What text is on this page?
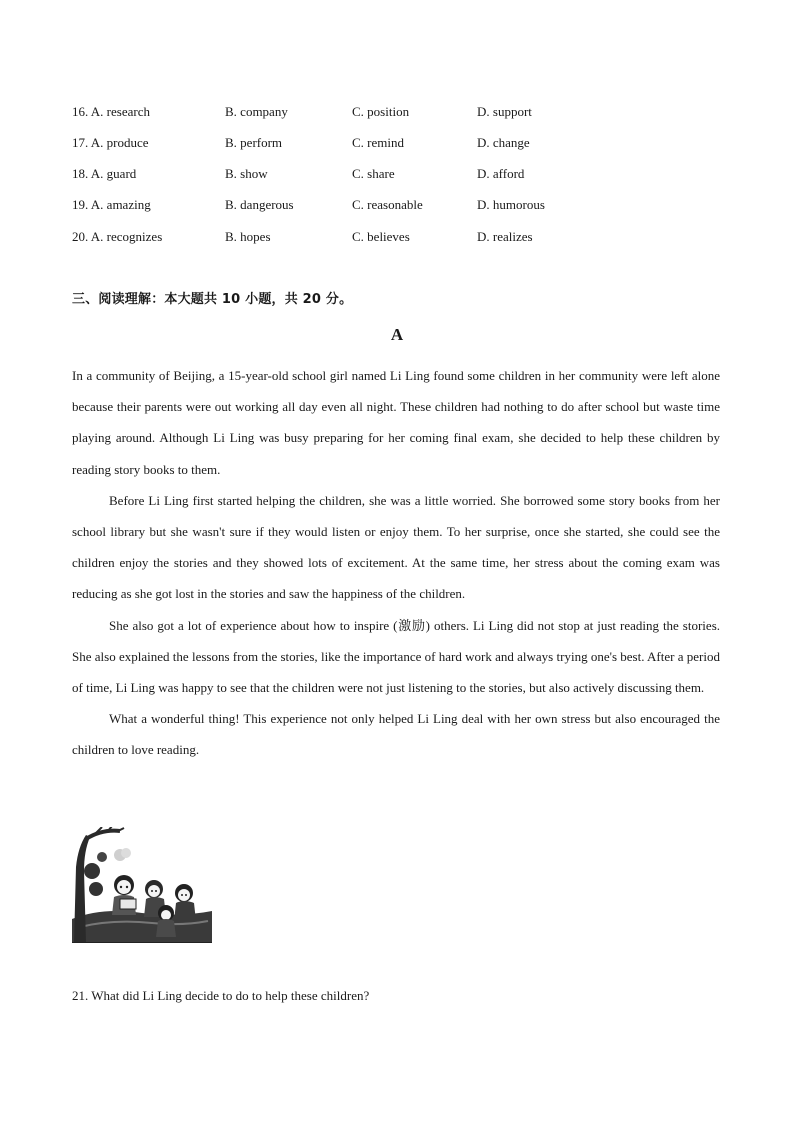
16. A. research	B. company	C. position	D. support
17. A. produce	B. perform	C. remind	D. change
18. A. guard	B. show	C. share	D. afford
19. A. amazing	B. dangerous	C. reasonable	D. humorous
20. A. recognizes	B. hopes	C. believes	D. realizes
三、阅读理解：本大题共 10 小题，共 20 分。
A

In a community of Beijing, a 15-year-old school girl named Li Ling found some children in her community were left alone because their parents were out working all day even all night. These children had nothing to do after school but waste time playing around. Although Li Ling was busy preparing for her coming final exam, she decided to help these children by reading story books to them.

Before Li Ling first started helping the children, she was a little worried. She borrowed some story books from her school library but she wasn't sure if they would listen or enjoy them. To her surprise, once she started, she could see the children enjoy the stories and they showed lots of excitement. At the same time, her stress about the coming exam was reducing as she got lost in the stories and saw the happiness of the children.

She also got a lot of experience about how to inspire (激励) others. Li Ling did not stop at just reading the stories. She also explained the lessons from the stories, like the importance of hard work and always trying one's best. After a period of time, Li Ling was happy to see that the children were not just listening to the stories, but also actively discussing them.

What a wonderful thing! This experience not only helped Li Ling deal with her own stress but also encouraged the children to love reading.

21. What did Li Ling decide to do to help these children?
